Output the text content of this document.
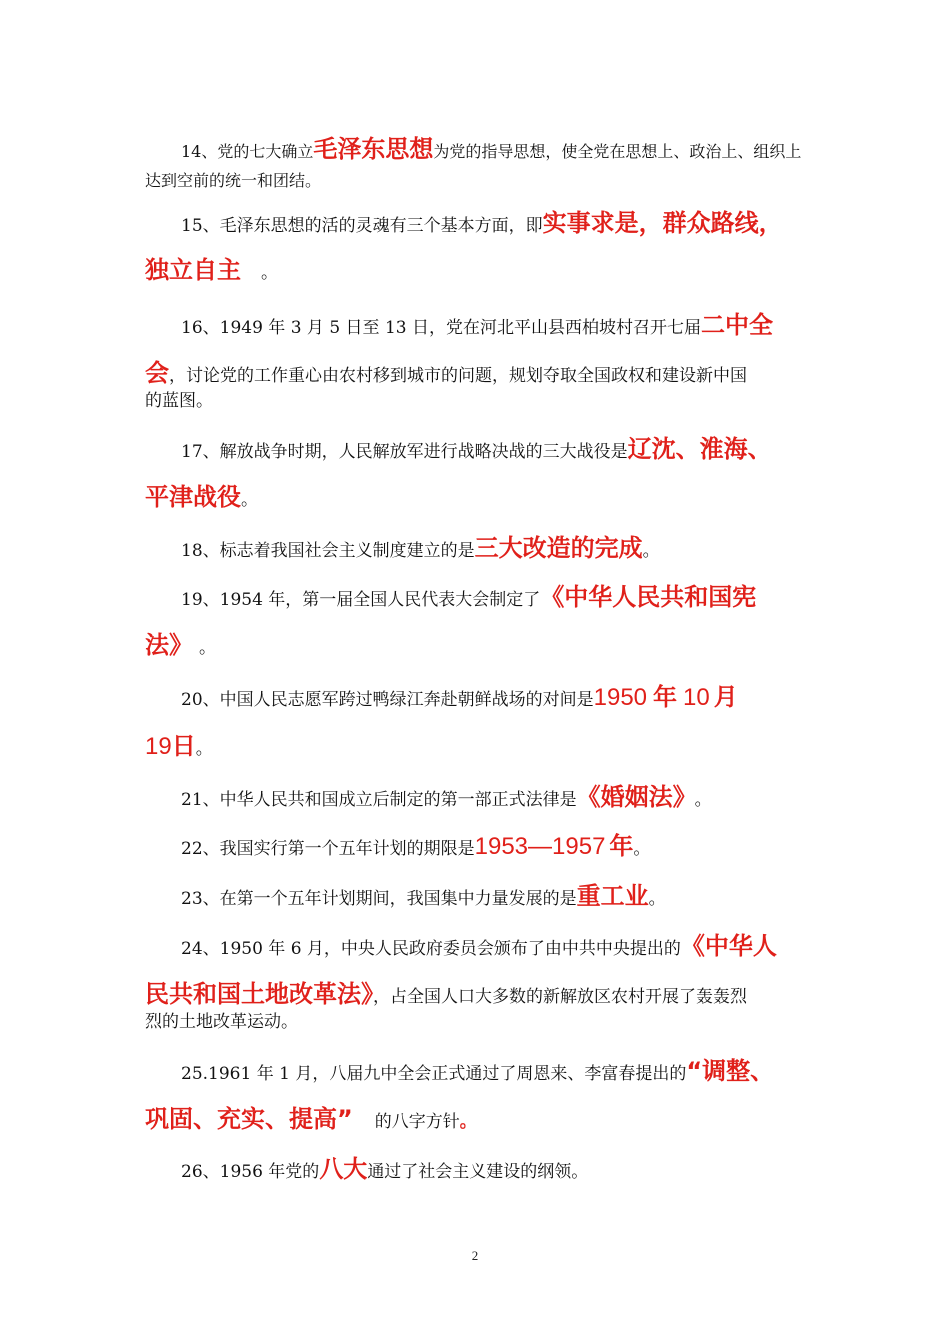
14、党的七大确立毛泽东思想为党的指导思想，使全党在思想上、政治上、组织上
达到空前的统一和团结。
15、毛泽东思想的活的灵魂有三个基本方面，即实事求是，群众路线，
独立自主 。
16、1949 年 3 月 5 日至 13 日，党在河北平山县西柏坡村召开七届二中全
会，讨论党的工作重心由农村移到城市的问题，规划夺取全国政权和建设新中国
的蓝图。
17、解放战争时期，人民解放军进行战略决战的三大战役是辽沈、淮海、
平津战役。
18、标志着我国社会主义制度建立的是三大改造的完成。
19、1954 年，第一届全国人民代表大会制定了《中华人民共和国宪
法》 。
20、中国人民志愿军跨过鸭绿江奔赴朝鲜战场的对间是1950 年 10 月
19日。
21、中华人民共和国成立后制定的第一部正式法律是《婚姻法》 。
22、我国实行第一个五年计划的期限是1953—1957 年。
23、在第一个五年计划期间，我国集中力量发展的是重工业。
24、1950 年 6 月，中央人民政府委员会颁布了由中共中央提出的《中华人
民共和国土地改革法》，占全国人口大多数的新解放区农村开展了轰轰烈
烈的土地改革运动。
25.1961 年 1 月，八届九中全会正式通过了周恩来、李富春提出的“调整、
巩固、充实、提高” 的八字方针。
26、1956 年党的八大通过了社会主义建设的纲领。
2
